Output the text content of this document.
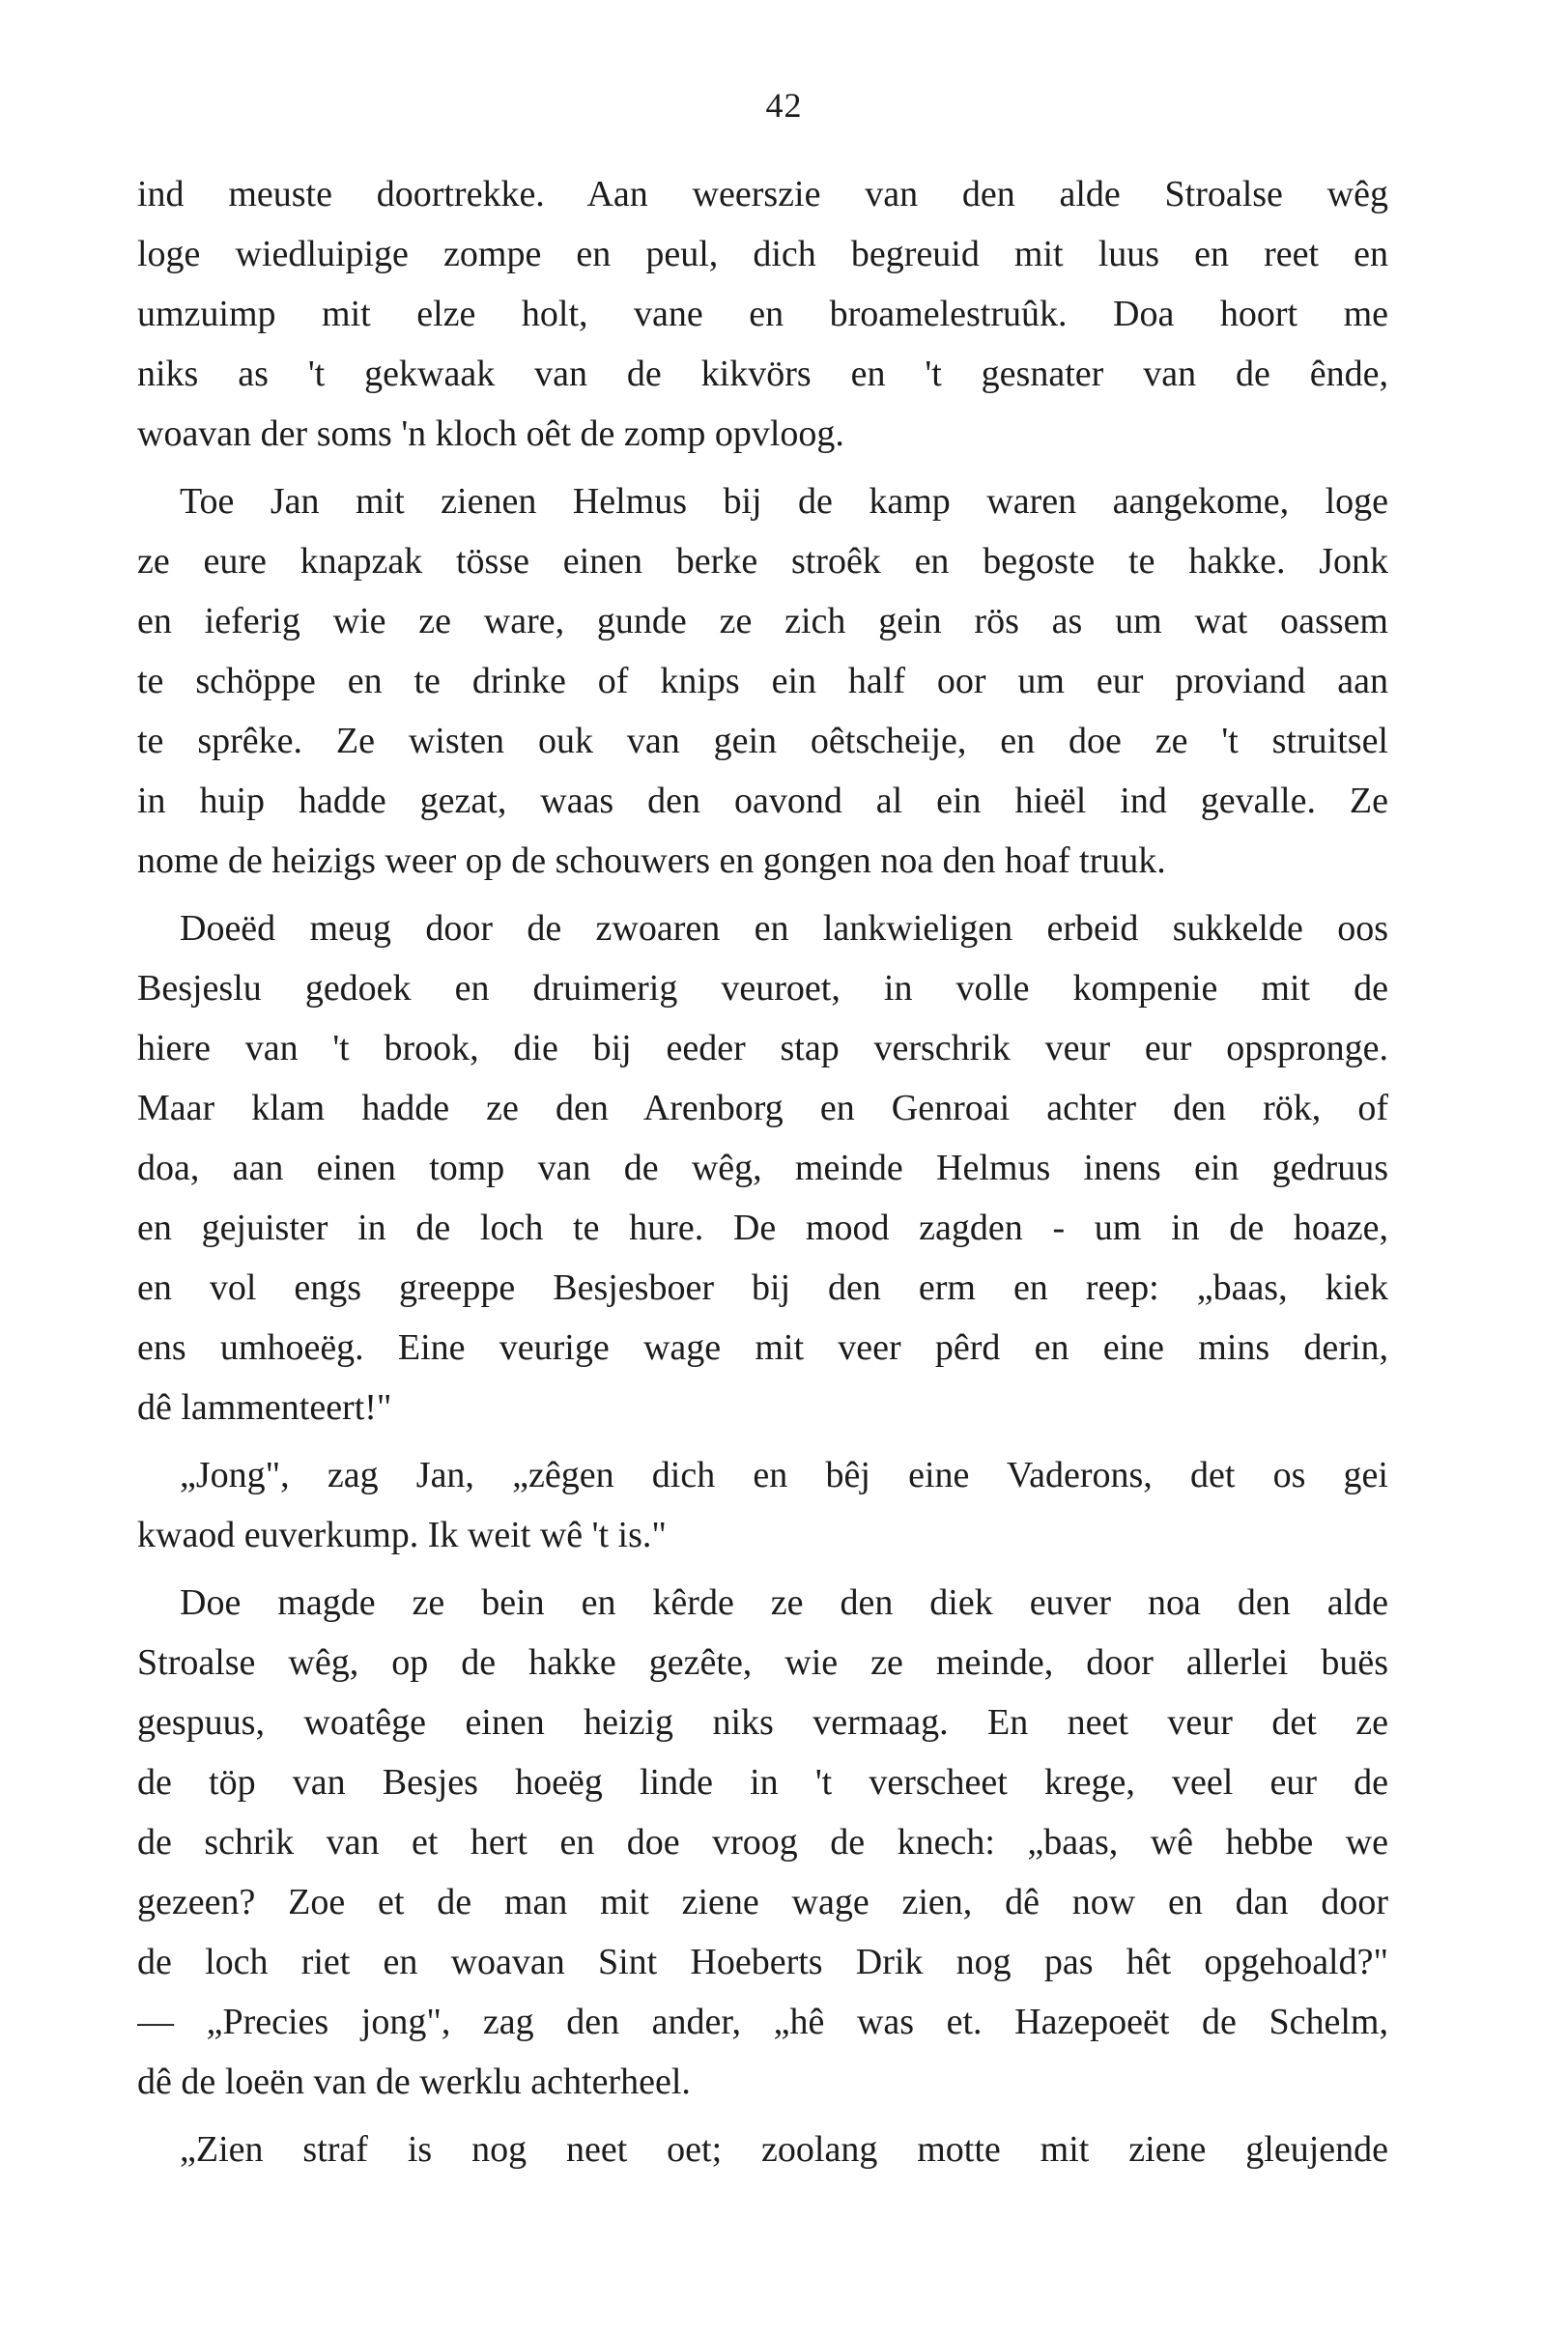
42
ind meuste doortrekke. Aan weerszie van den alde Stroalse wêg
loge wiedluipige zompe en peul, dich begreuid mit luus en reet en
umzuimp mit elze holt, vane en broamelestruûk. Doa hoort me
niks as 't gekwaak van de kikvörs en 't gesnater van de ênde,
woavan der soms 'n kloch oêt de zomp opvloog.
Toe Jan mit zienen Helmus bij de kamp waren aangekome, loge
ze eure knapzak tösse einen berke stroêk en begoste te hakke. Jonk
en ieferig wie ze ware, gunde ze zich gein rös as um wat oassem
te schöppe en te drinke of knips ein half oor um eur proviand aan
te sprêke. Ze wisten ouk van gein oêtscheije, en doe ze 't struitsel
in huip hadde gezat, waas den oavond al ein hieël ind gevalle. Ze
nome de heizigs weer op de schouwers en gongen noa den hoaf truuk.
Doeëd meug door de zwoaren en lankwieligen erbeid sukkelde oos
Besjeslu gedoek en druimerig veuroet, in volle kompenie mit de
hiere van 't brook, die bij eeder stap verschrik veur eur opspronge.
Maar klam hadde ze den Arenborg en Genroai achter den rök, of
doa, aan einen tomp van de wêg, meinde Helmus inens ein gedruus
en gejuister in de loch te hure. De mood zagden - um in de hoaze,
en vol engs greeppe Besjesboer bij den erm en reep: „baas, kiek
ens umhoeëg. Eine veurige wage mit veer pêrd en eine mins derin,
dê lammenteert!"
„Jong", zag Jan, „zêgen dich en bêj eine Vaderons, det os gei
kwaod euverkump. Ik weit wê 't is."
Doe magde ze bein en kêrde ze den diek euver noa den alde
Stroalse wêg, op de hakke gezête, wie ze meinde, door allerlei buës
gespuus, woatêge einen heizig niks vermaag. En neet veur det ze
de töp van Besjes hoeëg linde in 't verscheet krege, veel eur de
de schrik van et hert en doe vroog de knech: „baas, wê hebbe we
gezeen? Zoe et de man mit ziene wage zien, dê now en dan door
de loch riet en woavan Sint Hoeberts Drik nog pas hêt opgehoald?"
— „Precies jong", zag den ander, „hê was et. Hazepoeët de Schelm,
dê de loeën van de werklu achterheel.
„Zien straf is nog neet oet; zoolang motte mit ziene gleujende
